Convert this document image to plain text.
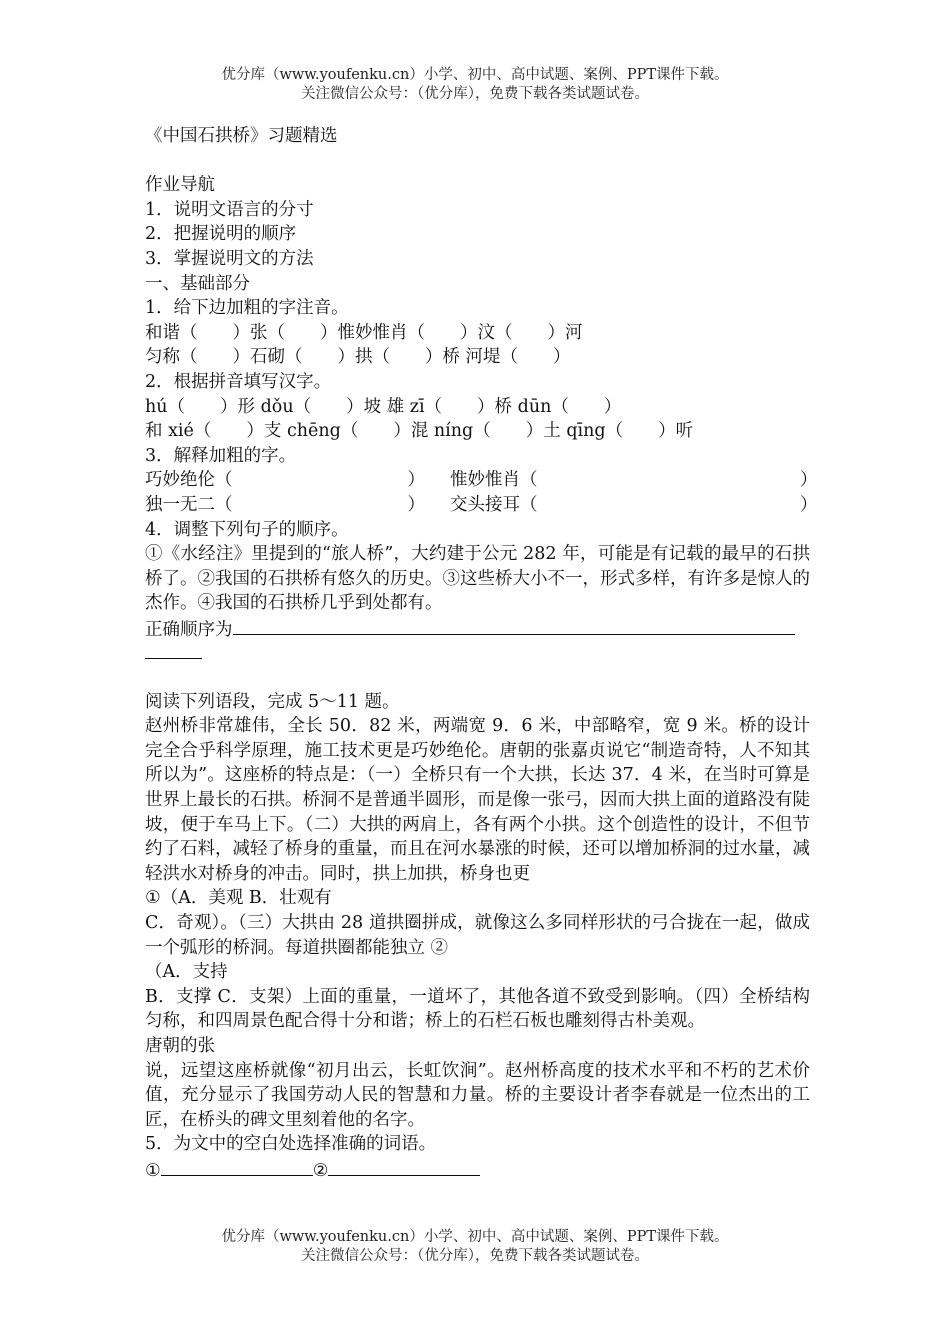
优分库（www.youfenku.cn）小学、初中、高中试题、案例、PPT课件下载。
关注微信公众号：（优分库），免费下载各类试题试卷。
《中国石拱桥》习题精选
作业导航
1．说明文语言的分寸
2．把握说明的顺序
3．掌握说明文的方法
一、基础部分
1．给下边加粗的字注音。
和谐（　　）张（　　）惟妙惟肖（　　）汶（　　）河
匀称（　　）石砌（　　）拱（　　）桥 河堤（　　）
2．根据拼音填写汉字。
hú（　　）形 dǒu（　　）坡 雄 zī（　　）桥 dūn（　　）
和 xié（　　）支 chēng（　　）混 níng（　　）土 qīng（　　）听
3．解释加粗的字。
巧妙绝伦（　　　　　　　　　　）	惟妙惟肖（　　　　　　　　　　　　　　　）
独一无二（　　　　　　　　　　）	交头接耳（　　　　　　　　　　　　　　　）
4．调整下列句子的顺序。
①《水经注》里提到的“旅人桥”，大约建于公元 282 年，可能是有记载的最早的石拱桥了。②我国的石拱桥有悠久的历史。③这些桥大小不一，形式多样，有许多是惊人的杰作。④我国的石拱桥几乎到处都有。
正确顺序为
阅读下列语段，完成 5～11 题。
赵州桥非常雄伟，全长 50．82 米，两端宽 9．6 米，中部略窄，宽 9 米。桥的设计完全合乎科学原理，施工技术更是巧妙绝伦。唐朝的张嘉贞说它“制造奇特，人不知其所以为”。这座桥的特点是：（一）全桥只有一个大拱，长达 37．4 米，在当时可算是世界上最长的石拱。桥洞不是普通半圆形，而是像一张弓，因而大拱上面的道路没有陡坡，便于车马上下。（二）大拱的两肩上，各有两个小拱。这个创造性的设计，不但节约了石料，减轻了桥身的重量，而且在河水暴涨的时候，还可以增加桥洞的过水量，减轻洪水对桥身的冲击。同时，拱上加拱，桥身也更
①（A．美观 B．壮观有
C．奇观）。（三）大拱由 28 道拱圈拼成，就像这么多同样形状的弓合拢在一起，做成一个弧形的桥洞。每道拱圈都能独立 ②
（A．支持
B．支撑 C．支架）上面的重量，一道坏了，其他各道不致受到影响。（四）全桥结构匀称，和四周景色配合得十分和谐；桥上的石栏石板也雕刻得古朴美观。
唐朝的张
说，远望这座桥就像“初月出云，长虹饮涧”。赵州桥高度的技术水平和不朽的艺术价值，充分显示了我国劳动人民的智慧和力量。桥的主要设计者李春就是一位杰出的工匠，在桥头的碑文里刻着他的名字。
5．为文中的空白处选择准确的词语。
①	②
优分库（www.youfenku.cn）小学、初中、高中试题、案例、PPT课件下载。
关注微信公众号：（优分库），免费下载各类试题试卷。
